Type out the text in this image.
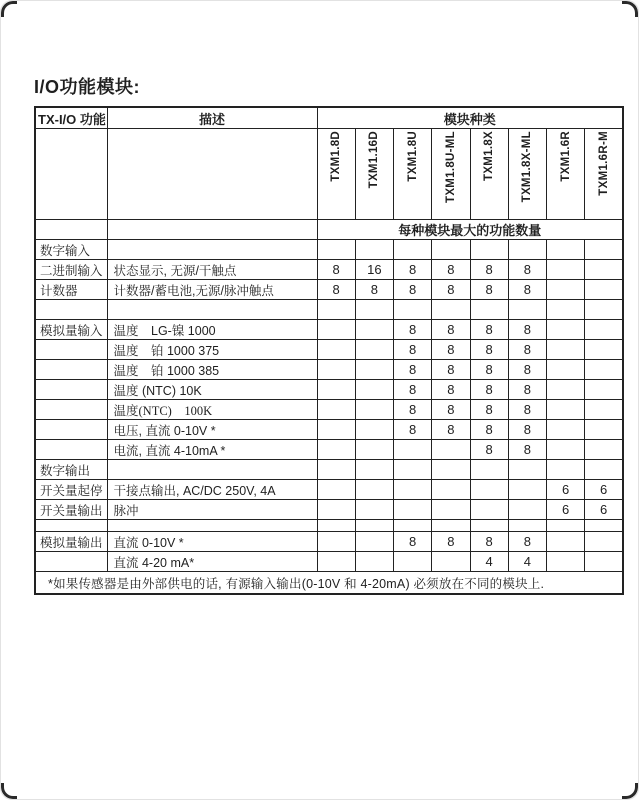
I/O功能模块:
TX-I/O 功能	描述	模块种类							

		TXM1.8D	TXM1.16D	TXM1.8U	TXM1.8U-ML	TXM1.8X	TXM1.8X-ML	TXM1.6R	TXM1.6R-M

		每种模块最大的功能数量							
数字输入									
二进制输入	状态显示, 无源/干触点	8	16	8	8	8	8		
计数器	计数器/蓄电池,无源/脉冲触点	8	8	8	8	8	8		

模拟量输入	温度　LG-镍 1000			8	8	8	8		
	温度　铂 1000 375			8	8	8	8		
	温度　铂 1000 385			8	8	8	8		
	温度 (NTC) 10K			8	8	8	8		
	温度(NTC)　100K			8	8	8	8		
	电压, 直流 0-10V *			8	8	8	8		
	电流, 直流 4-10mA *					8	8		
数字输出									
开关量起停	干接点输出, AC/DC 250V, 4A							6	6
开关量输出	脉冲							6	6

模拟量输出	直流 0-10V *			8	8	8	8		
	直流 4-20 mA*					4	4		
*如果传感器是由外部供电的话, 有源输入输出(0-10V 和 4-20mA) 必须放在不同的模块上.									
